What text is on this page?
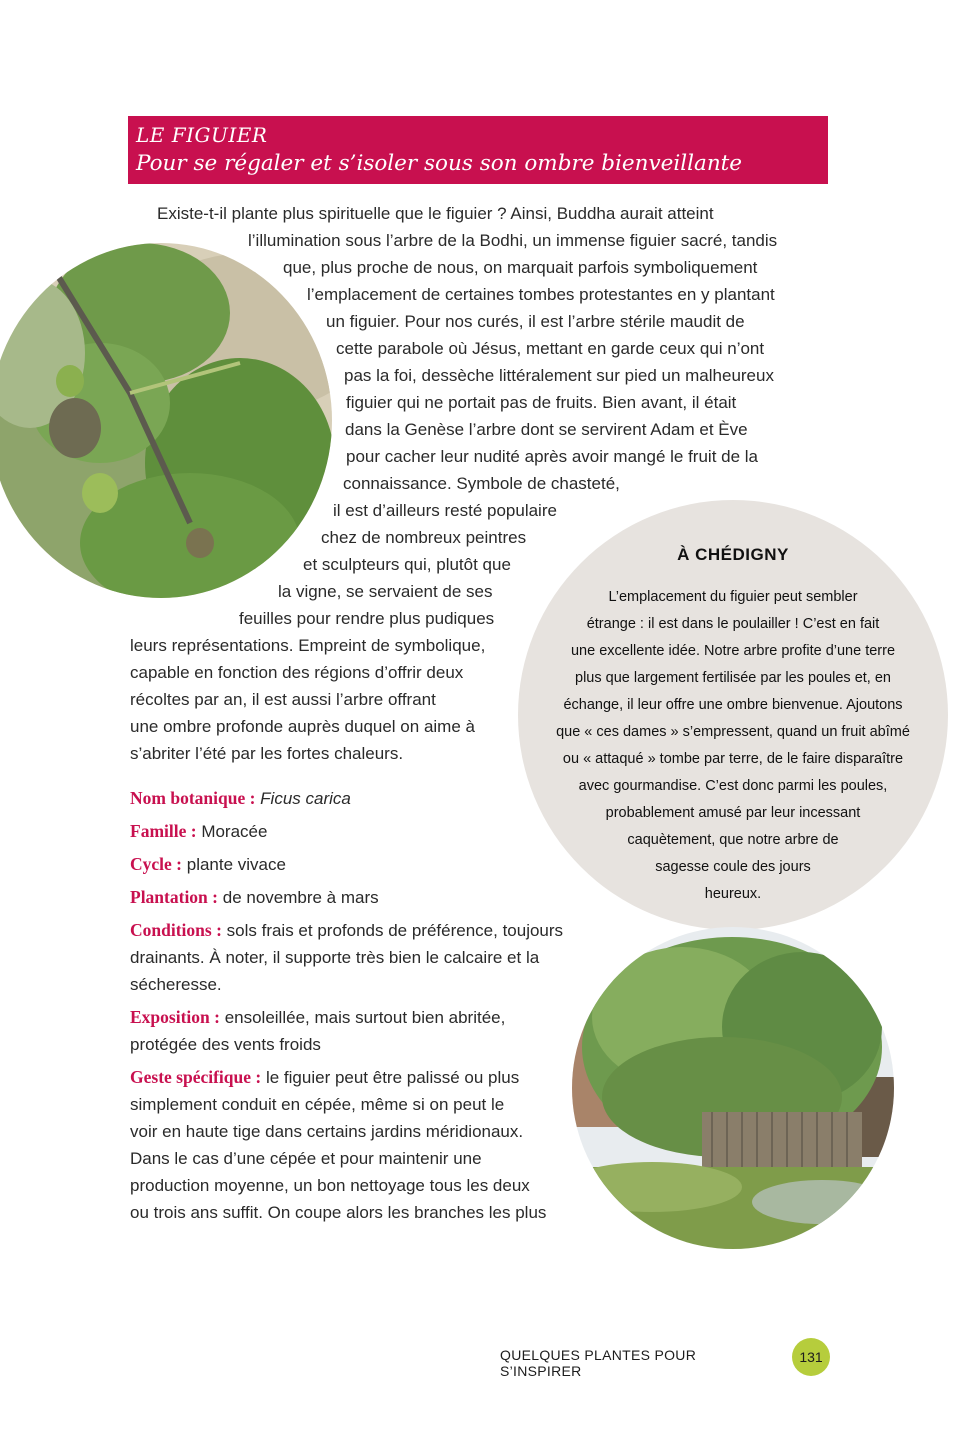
LE FIGUIER
Pour se régaler et s’isoler sous son ombre bienveillante

Existe-t-il plante plus spirituelle que le figuier ? Ainsi, Buddha aurait atteint

l’illumination sous l’arbre de la Bodhi, un immense figuier sacré, tandis

que, plus proche de nous, on marquait parfois symboliquement

l’emplacement de certaines tombes protestantes en y plantant

un figuier. Pour nos curés, il est l’arbre stérile maudit de

cette parabole où Jésus, mettant en garde ceux qui n’ont

pas la foi, dessèche littéralement sur pied un malheureux

figuier qui ne portait pas de fruits. Bien avant, il était

dans la Genèse l’arbre dont se servirent Adam et Ève

pour cacher leur nudité après avoir mangé le fruit de la

connaissance. Symbole de chasteté,

il est d’ailleurs resté populaire

chez de nombreux peintres

et sculpteurs qui, plutôt que

la vigne, se servaient de ses

feuilles pour rendre plus pudiques

leurs représentations. Empreint de symbolique,

capable en fonction des régions d’offrir deux

récoltes par an, il est aussi l’arbre offrant

une ombre profonde auprès duquel on aime à

s’abriter l’été par les fortes chaleurs.

À CHÉDIGNY

L’emplacement du figuier peut sembler

étrange : il est dans le poulailler ! C’est en fait

une excellente idée. Notre arbre profite d’une terre

plus que largement fertilisée par les poules et, en

échange, il leur offre une ombre bienvenue. Ajoutons

que « ces dames » s’empressent, quand un fruit abîmé

ou « attaqué » tombe par terre, de le faire disparaître

avec gourmandise. C’est donc parmi les poules,

probablement amusé par leur incessant

caquètement, que notre arbre de

sagesse coule des jours

heureux.

Nom botanique : Ficus carica

Famille : Moracée

Cycle : plante vivace

Plantation : de novembre à mars

Conditions : sols frais et profonds de préférence, toujours
drainants. À noter, il supporte très bien le calcaire et la
sécheresse.

Exposition : ensoleillée, mais surtout bien abritée,
protégée des vents froids

Geste spécifique : le figuier peut être palissé ou plus
simplement conduit en cépée, même si on peut le
voir en haute tige dans certains jardins méridionaux.
Dans le cas d’une cépée et pour maintenir une
production moyenne, un bon nettoyage tous les deux
ou trois ans suffit. On coupe alors les branches les plus

QUELQUES PLANTES POUR S’INSPIRER
131
